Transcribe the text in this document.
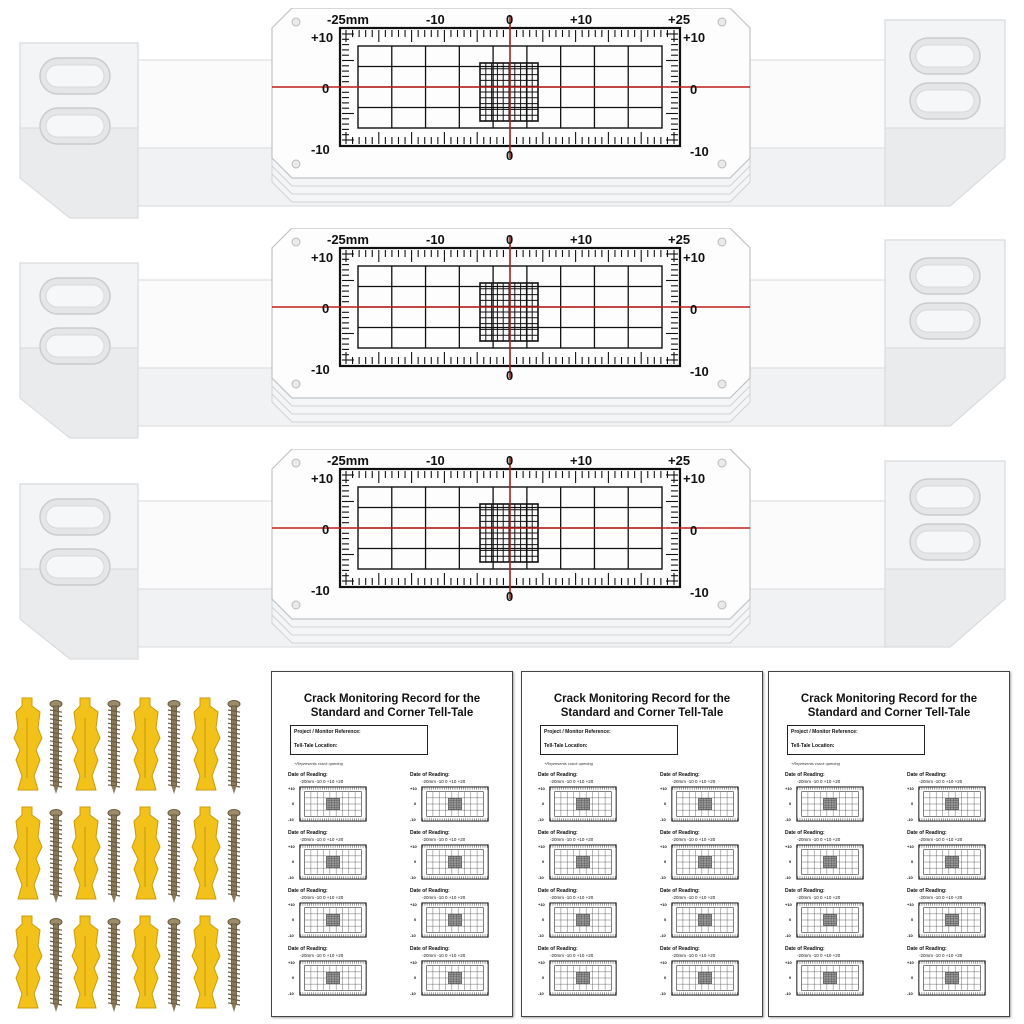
-25mm	-10	0	+10	+25
+10
0
-10
+10
0
-10
0
-25mm	-10	0	+10	+25
+10
0
-10
+10
0
-10
0
-25mm	-10	0	+10	+25
+10
0
-10
+10
0
-10
0
Crack Monitoring Record for the
Standard and Corner Tell-Tale
Project / Monitor Reference:
Tell-Tale Location:
+Represents crack opening
Date of Reading:
-20mm -10 0 +10 +20
+10
0
-10
Date of Reading:
-20mm -10 0 +10 +20
+10
0
-10
Date of Reading:
-20mm -10 0 +10 +20
+10
0
-10
Date of Reading:
-20mm -10 0 +10 +20
+10
0
-10
Date of Reading:
-20mm -10 0 +10 +20
+10
0
-10
Date of Reading:
-20mm -10 0 +10 +20
+10
0
-10
Date of Reading:
-20mm -10 0 +10 +20
+10
0
-10
Date of Reading:
-20mm -10 0 +10 +20
+10
0
-10
Crack Monitoring Record for the
Standard and Corner Tell-Tale
Project / Monitor Reference:
Tell-Tale Location:
+Represents crack opening
Date of Reading:
-20mm -10 0 +10 +20
+10
0
-10
Date of Reading:
-20mm -10 0 +10 +20
+10
0
-10
Date of Reading:
-20mm -10 0 +10 +20
+10
0
-10
Date of Reading:
-20mm -10 0 +10 +20
+10
0
-10
Date of Reading:
-20mm -10 0 +10 +20
+10
0
-10
Date of Reading:
-20mm -10 0 +10 +20
+10
0
-10
Date of Reading:
-20mm -10 0 +10 +20
+10
0
-10
Date of Reading:
-20mm -10 0 +10 +20
+10
0
-10
Crack Monitoring Record for the
Standard and Corner Tell-Tale
Project / Monitor Reference:
Tell-Tale Location:
+Represents crack opening
Date of Reading:
-20mm -10 0 +10 +20
+10
0
-10
Date of Reading:
-20mm -10 0 +10 +20
+10
0
-10
Date of Reading:
-20mm -10 0 +10 +20
+10
0
-10
Date of Reading:
-20mm -10 0 +10 +20
+10
0
-10
Date of Reading:
-20mm -10 0 +10 +20
+10
0
-10
Date of Reading:
-20mm -10 0 +10 +20
+10
0
-10
Date of Reading:
-20mm -10 0 +10 +20
+10
0
-10
Date of Reading:
-20mm -10 0 +10 +20
+10
0
-10
